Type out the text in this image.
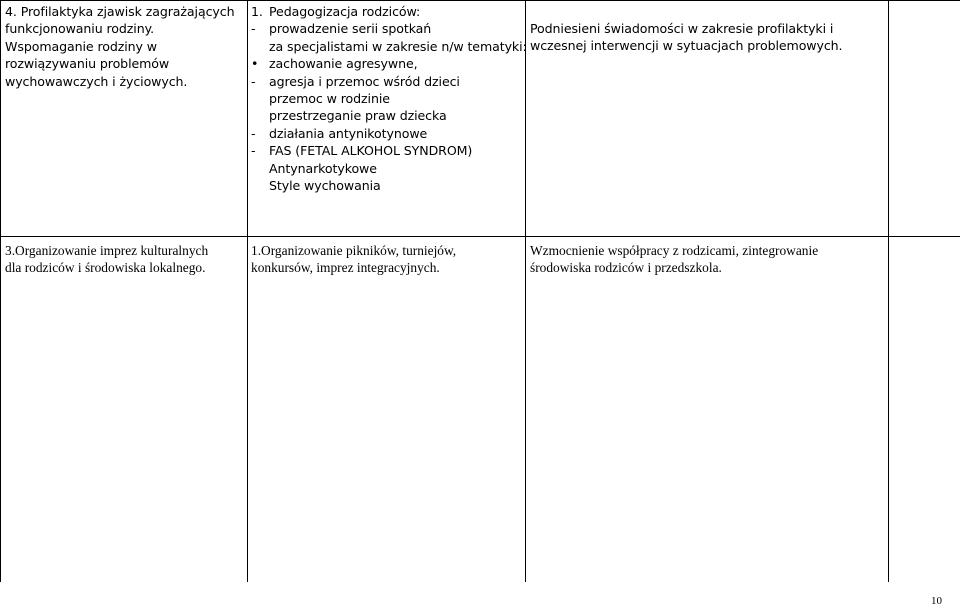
4. Profilaktyka zjawisk zagrażających

funkcjonowaniu rodziny.

Wspomaganie rodziny w

rozwiązywaniu problemów

wychowawczych i życiowych.

1. Pedagogizacja rodziców:

- prowadzenie serii spotkań

za specjalistami w zakresie n/w tematyki:

• zachowanie agresywne,

- agresja i przemoc wśród dzieci

przemoc w rodzinie

przestrzeganie praw dziecka

- działania antynikotynowe

- FAS (FETAL ALKOHOL SYNDROM)

Antynarkotykowe

Style wychowania

Podniesieni świadomości w zakresie profilaktyki i

wczesnej interwencji w sytuacjach problemowych.

3.Organizowanie imprez kulturalnych

dla rodziców i środowiska lokalnego.

1.Organizowanie pikników, turniejów,

konkursów, imprez integracyjnych.

Wzmocnienie współpracy z rodzicami, zintegrowanie

środowiska rodziców i przedszkola.

10
